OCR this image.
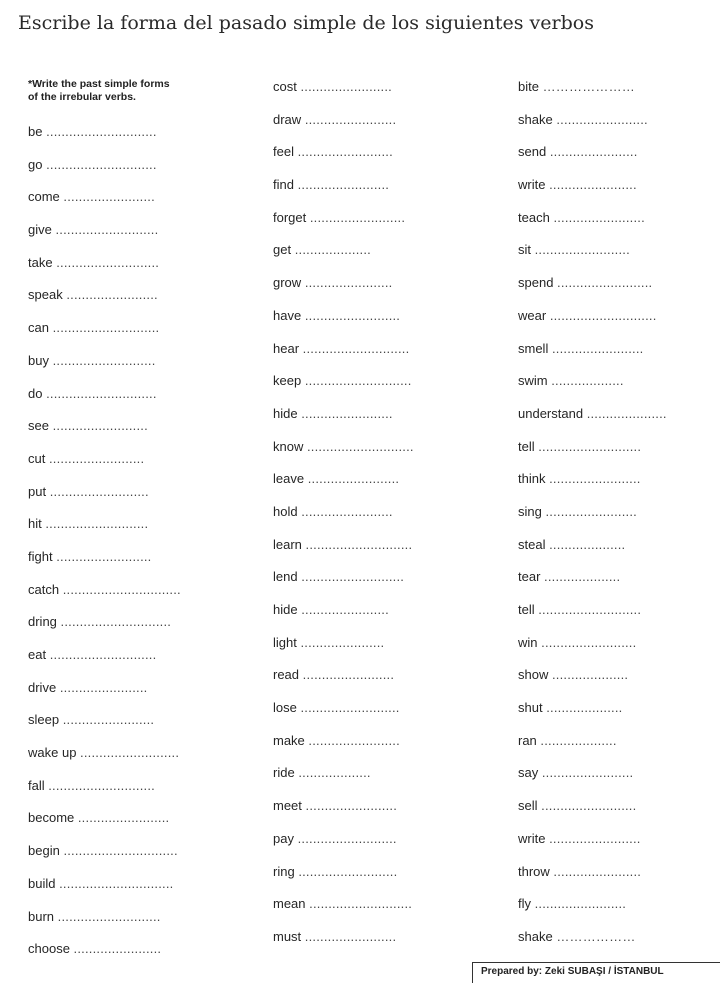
Escribe la forma del pasado simple de los siguientes verbos
*Write the past simple forms
of the irrebular verbs.
be .............................
go .............................
come ........................
give ...........................
take ...........................
speak ........................
can ............................
buy ...........................
do .............................
see .........................
cut .........................
put ..........................
hit ...........................
fight .........................
catch ...............................
dring .............................
eat ............................
drive .......................
sleep ........................
wake up ..........................
fall ............................
become ........................
begin ..............................
build ..............................
burn ...........................
choose .......................
cost ........................
draw ........................
feel .........................
find ........................
forget .........................
get ....................
grow .......................
have .........................
hear ............................
keep ............................
hide ........................
know ............................
leave ........................
hold ........................
learn ............................
lend ...........................
hide .......................
light ......................
read ........................
lose ..........................
make ........................
ride ...................
meet ........................
pay ..........................
ring ..........................
mean ...........................
must ........................
bite …………………
shake ........................
send .......................
write .......................
teach ........................
sit .........................
spend .........................
wear ............................
smell ........................
swim ...................
understand .....................
tell ...........................
think ........................
sing ........................
steal ....................
tear ....................
tell ...........................
win .........................
show ....................
shut ....................
ran ....................
say ........................
sell .........................
write ........................
throw .......................
fly ........................
shake ………………
Prepared by: Zeki SUBAŞI / İSTANBUL
